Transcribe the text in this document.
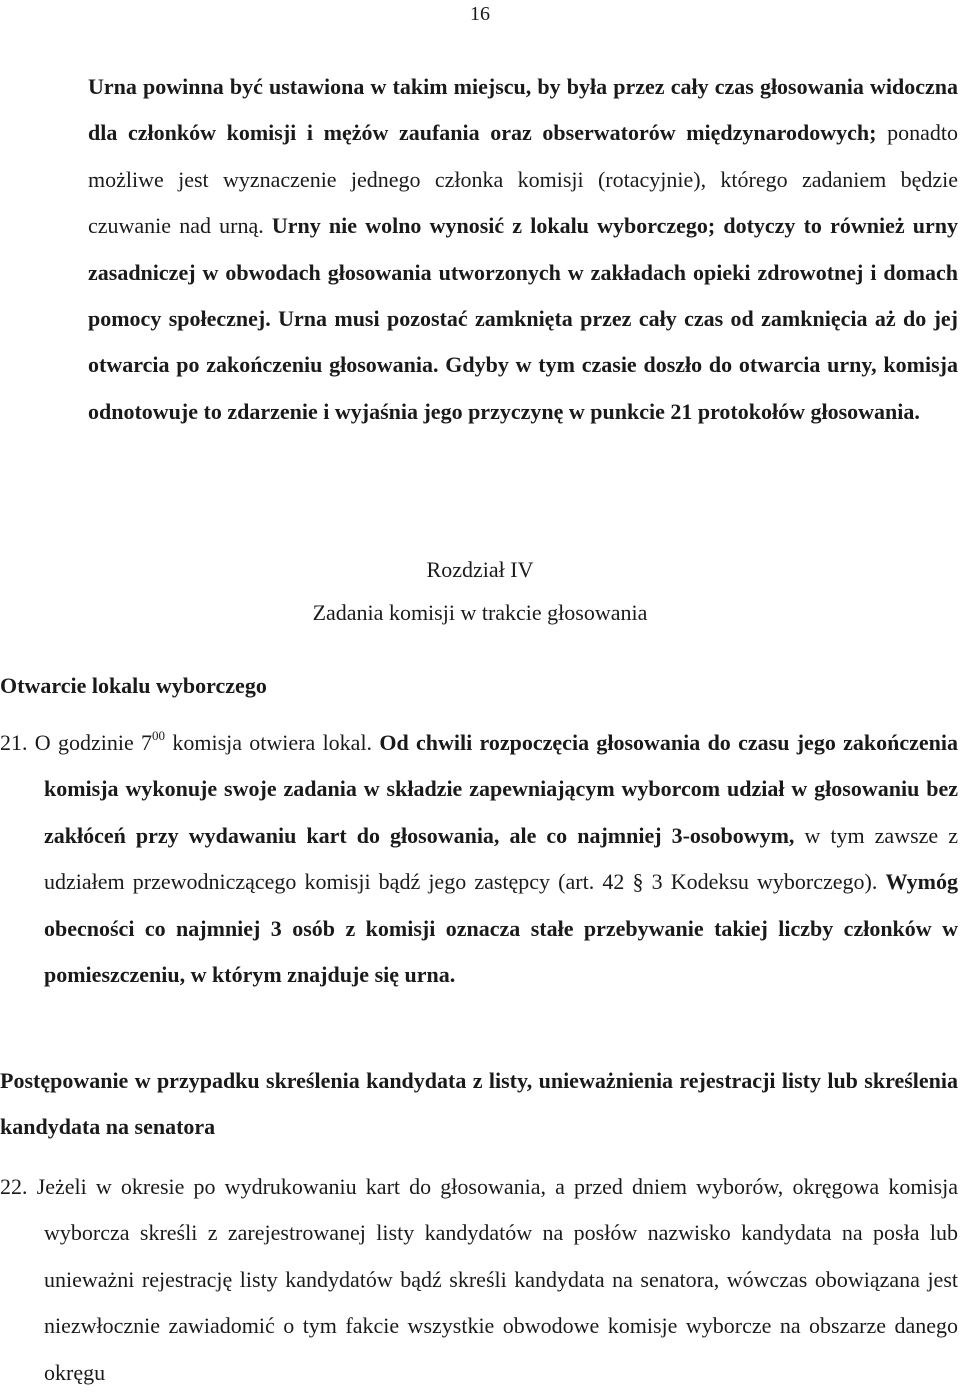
16

Urna powinna być ustawiona w takim miejscu, by była przez cały czas głosowania widoczna dla członków komisji i mężów zaufania oraz obserwatorów międzynarodowych; ponadto możliwe jest wyznaczenie jednego członka komisji (rotacyjnie), którego zadaniem będzie czuwanie nad urną. Urny nie wolno wynosić z lokalu wyborczego; dotyczy to również urny zasadniczej w obwodach głosowania utworzonych w zakładach opieki zdrowotnej i domach pomocy społecznej. Urna musi pozostać zamknięta przez cały czas od zamknięcia aż do jej otwarcia po zakończeniu głosowania. Gdyby w tym czasie doszło do otwarcia urny, komisja odnotowuje to zdarzenie i wyjaśnia jego przyczynę w punkcie 21 protokołów głosowania.

Rozdział IV
Zadania komisji w trakcie głosowania
Otwarcie lokalu wyborczego

21. O godzinie $7^{00}$ komisja otwiera lokal. Od chwili rozpoczęcia głosowania do czasu jego zakończenia komisja wykonuje swoje zadania w składzie zapewniającym wyborcom udział w głosowaniu bez zakłóceń przy wydawaniu kart do głosowania, ale co najmniej 3-osobowym, w tym zawsze z udziałem przewodniczącego komisji bądź jego zastępcy (art. 42 § 3 Kodeksu wyborczego). Wymóg obecności co najmniej 3 osób z komisji oznacza stałe przebywanie takiej liczby członków w pomieszczeniu, w którym znajduje się urna.

Postępowanie w przypadku skreślenia kandydata z listy, unieważnienia rejestracji listy lub skreślenia kandydata na senatora

22. Jeżeli w okresie po wydrukowaniu kart do głosowania, a przed dniem wyborów, okręgowa komisja wyborcza skreśli z zarejestrowanej listy kandydatów na posłów nazwisko kandydata na posła lub unieważni rejestrację listy kandydatów bądź skreśli kandydata na senatora, wówczas obowiązana jest niezwłocznie zawiadomić o tym fakcie wszystkie obwodowe komisje wyborcze na obszarze danego okręgu
